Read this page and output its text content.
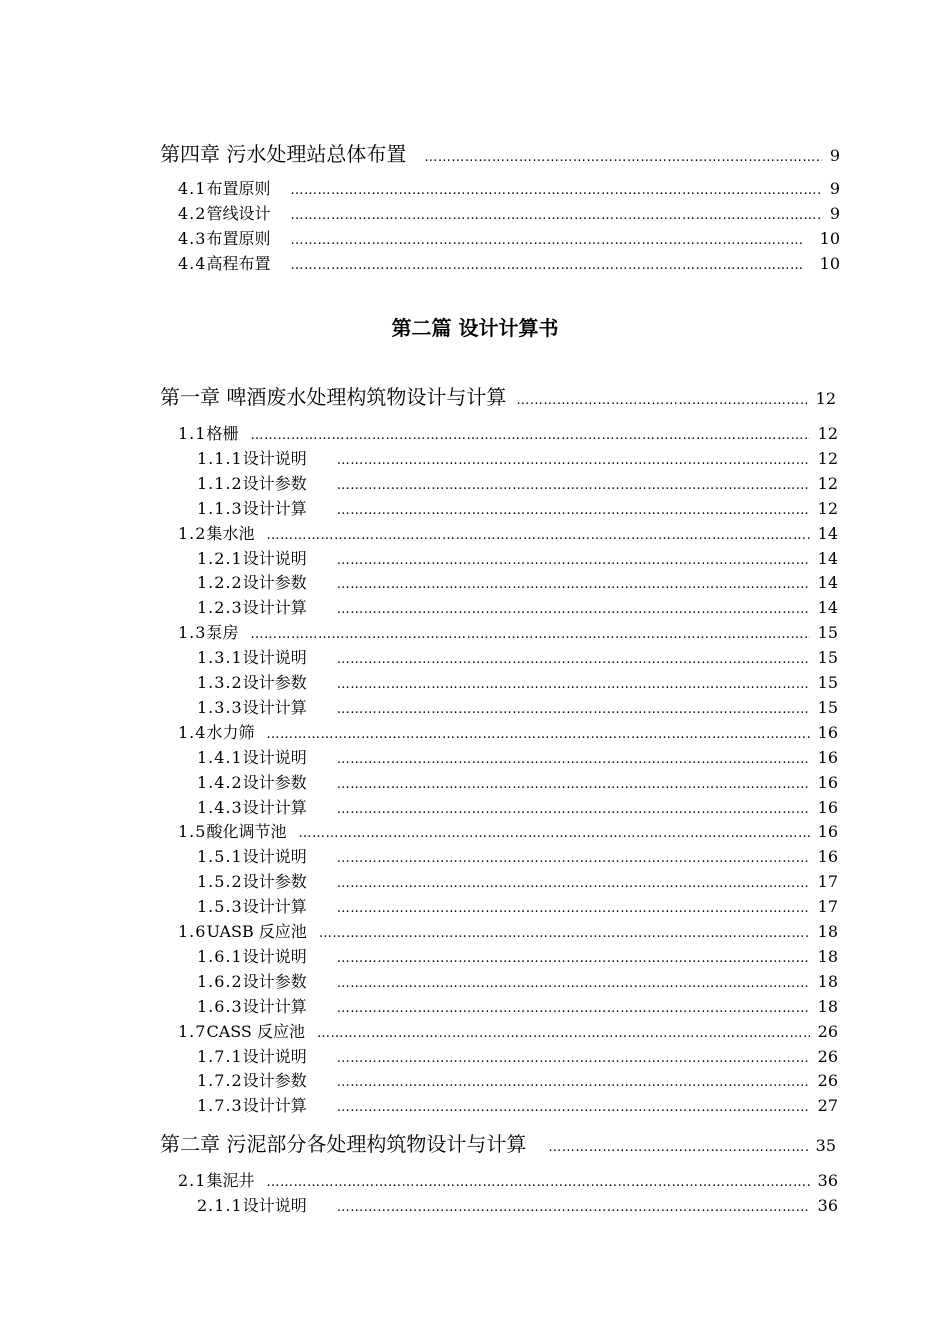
第四章 污水处理站总体布置 …………………………………………………………………………………………………………………………………………………………………………………………………………………………………………	9
4.1 布置原则 …………………………………………………………………………………………………………………………………………………………………………………………………………………………………………	9
4.2 管线设计 …………………………………………………………………………………………………………………………………………………………………………………………………………………………………………	9
4.3 布置原则 …………………………………………………………………………………………………………………………………………………………………………………………………………………………………………	10
4.4 高程布置 …………………………………………………………………………………………………………………………………………………………………………………………………………………………………………	10
第二篇 设计计算书
第一章 啤酒废水处理构筑物设计与计算 …………………………………………………………………………………………………………………………………………………………………………………………………………………………………………	12
1.1 格栅 …………………………………………………………………………………………………………………………………………………………………………………………………………………………………………	12
1.1.1 设计说明 …………………………………………………………………………………………………………………………………………………………………………………………………………………………………………	12
1.1.2 设计参数 …………………………………………………………………………………………………………………………………………………………………………………………………………………………………………	12
1.1.3 设计计算 …………………………………………………………………………………………………………………………………………………………………………………………………………………………………………	12
1.2 集水池 …………………………………………………………………………………………………………………………………………………………………………………………………………………………………………	14
1.2.1 设计说明 …………………………………………………………………………………………………………………………………………………………………………………………………………………………………………	14
1.2.2 设计参数 …………………………………………………………………………………………………………………………………………………………………………………………………………………………………………	14
1.2.3 设计计算 …………………………………………………………………………………………………………………………………………………………………………………………………………………………………………	14
1.3 泵房 …………………………………………………………………………………………………………………………………………………………………………………………………………………………………………	15
1.3.1 设计说明 …………………………………………………………………………………………………………………………………………………………………………………………………………………………………………	15
1.3.2 设计参数 …………………………………………………………………………………………………………………………………………………………………………………………………………………………………………	15
1.3.3 设计计算 …………………………………………………………………………………………………………………………………………………………………………………………………………………………………………	15
1.4 水力筛 …………………………………………………………………………………………………………………………………………………………………………………………………………………………………………	16
1.4.1 设计说明 …………………………………………………………………………………………………………………………………………………………………………………………………………………………………………	16
1.4.2 设计参数 …………………………………………………………………………………………………………………………………………………………………………………………………………………………………………	16
1.4.3 设计计算 …………………………………………………………………………………………………………………………………………………………………………………………………………………………………………	16
1.5 酸化调节池 …………………………………………………………………………………………………………………………………………………………………………………………………………………………………………	16
1.5.1 设计说明 …………………………………………………………………………………………………………………………………………………………………………………………………………………………………………	16
1.5.2 设计参数 …………………………………………………………………………………………………………………………………………………………………………………………………………………………………………	17
1.5.3 设计计算 …………………………………………………………………………………………………………………………………………………………………………………………………………………………………………	17
1.6 UASB 反应池 …………………………………………………………………………………………………………………………………………………………………………………………………………………………………………	18
1.6.1 设计说明 …………………………………………………………………………………………………………………………………………………………………………………………………………………………………………	18
1.6.2 设计参数 …………………………………………………………………………………………………………………………………………………………………………………………………………………………………………	18
1.6.3 设计计算 …………………………………………………………………………………………………………………………………………………………………………………………………………………………………………	18
1.7 CASS 反应池 …………………………………………………………………………………………………………………………………………………………………………………………………………………………………………	26
1.7.1 设计说明 …………………………………………………………………………………………………………………………………………………………………………………………………………………………………………	26
1.7.2 设计参数 …………………………………………………………………………………………………………………………………………………………………………………………………………………………………………	26
1.7.3 设计计算 …………………………………………………………………………………………………………………………………………………………………………………………………………………………………………	27
第二章 污泥部分各处理构筑物设计与计算 …………………………………………………………………………………………………………………………………………………………………………………………………………………………………………	35
2.1 集泥井 …………………………………………………………………………………………………………………………………………………………………………………………………………………………………………	36
2.1.1 设计说明 …………………………………………………………………………………………………………………………………………………………………………………………………………………………………………	36
